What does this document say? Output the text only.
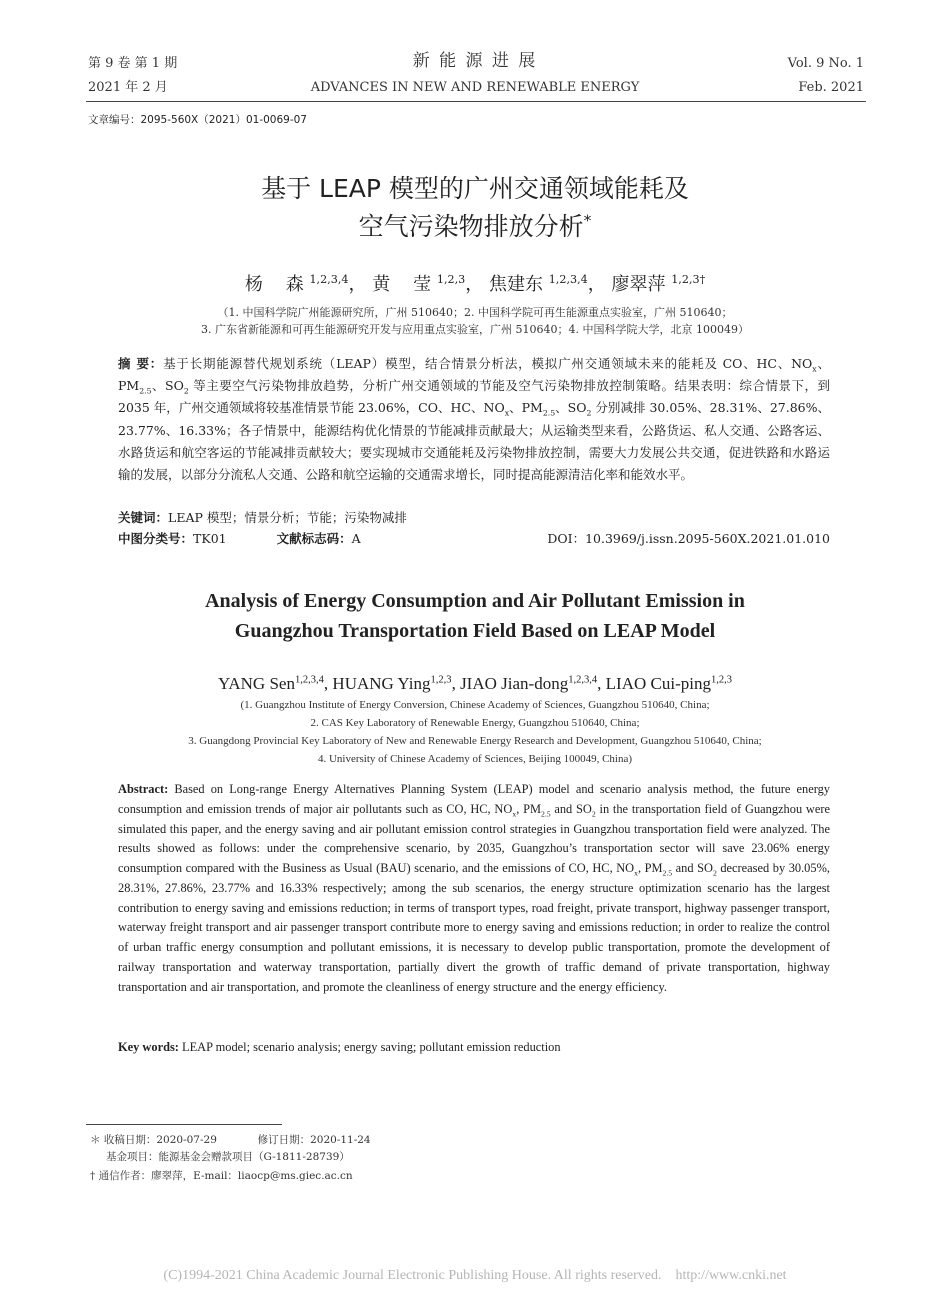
第 9 卷 第 1 期
2021 年 2 月
新 能 源 进 展
ADVANCES IN NEW AND RENEWABLE ENERGY
Vol. 9 No. 1
Feb. 2021
文章编号：2095-560X（2021）01-0069-07
基于 LEAP 模型的广州交通领域能耗及
空气污染物排放分析*
杨    森 $^{1,2,3,4}$， 黄    莹 $^{1,2,3}$， 焦建东 $^{1,2,3,4}$， 廖翠萍 $^{1,2,3\dagger}$
（1. 中国科学院广州能源研究所，广州 510640；2. 中国科学院可再生能源重点实验室，广州 510640；
3. 广东省新能源和可再生能源研究开发与应用重点实验室，广州 510640；4. 中国科学院大学，北京 100049）
摘 要：基于长期能源替代规划系统（LEAP）模型，结合情景分析法，模拟广州交通领域未来的能耗及 CO、HC、$NO_x$、$PM_{2.5}$、$SO_2$ 等主要空气污染物排放趋势，分析广州交通领域的节能及空气污染物排放控制策略。结果表明：综合情景下，到 2035 年，广州交通领域将较基准情景节能 23.06%，CO、HC、$NO_x$、$PM_{2.5}$、$SO_2$ 分别减排 30.05%、28.31%、27.86%、23.77%、16.33%；各子情景中，能源结构优化情景的节能减排贡献最大；从运输类型来看，公路货运、私人交通、公路客运、水路货运和航空客运的节能减排贡献较大；要实现城市交通能耗及污染物排放控制，需要大力发展公共交通，促进铁路和水路运输的发展，以部分分流私人交通、公路和航空运输的交通需求增长，同时提高能源清洁化率和能效水平。
关键词：LEAP 模型；情景分析；节能；污染物减排
中图分类号：TK01	文献标志码：A	DOI：10.3969/j.issn.2095-560X.2021.01.010
Analysis of Energy Consumption and Air Pollutant Emission in
Guangzhou Transportation Field Based on LEAP Model
YANG Sen$^{1,2,3,4}$, HUANG Ying$^{1,2,3}$, JIAO Jian-dong$^{1,2,3,4}$, LIAO Cui-ping$^{1,2,3}$
(1. Guangzhou Institute of Energy Conversion, Chinese Academy of Sciences, Guangzhou 510640, China;
2. CAS Key Laboratory of Renewable Energy, Guangzhou 510640, China;
3. Guangdong Provincial Key Laboratory of New and Renewable Energy Research and Development, Guangzhou 510640, China;
4. University of Chinese Academy of Sciences, Beijing 100049, China)
Abstract: Based on Long-range Energy Alternatives Planning System (LEAP) model and scenario analysis method, the future energy consumption and emission trends of major air pollutants such as CO, HC, $NO_x$, $PM_{2.5}$ and $SO_2$ in the transportation field of Guangzhou were simulated this paper, and the energy saving and air pollutant emission control strategies in Guangzhou transportation field were analyzed. The results showed as follows: under the comprehensive scenario, by 2035, Guangzhou’s transportation sector will save 23.06% energy consumption compared with the Business as Usual (BAU) scenario, and the emissions of CO, HC, $NO_x$, $PM_{2.5}$ and $SO_2$ decreased by 30.05%, 28.31%, 27.86%, 23.77% and 16.33% respectively; among the sub scenarios, the energy structure optimization scenario has the largest contribution to energy saving and emissions reduction; in terms of transport types, road freight, private transport, highway passenger transport, waterway freight transport and air passenger transport contribute more to energy saving and emissions reduction; in order to realize the control of urban traffic energy consumption and pollutant emissions, it is necessary to develop public transportation, promote the development of railway transportation and waterway transportation, partially divert the growth of traffic demand of private transportation, highway transportation and air transportation, and promote the cleanliness of energy structure and the energy efficiency.
Key words: LEAP model; scenario analysis; energy saving; pollutant emission reduction
＊ 收稿日期：2020-07-29	修订日期：2020-11-24
基金项目：能源基金会赠款项目（G-1811-28739）
† 通信作者：廖翠萍，E-mail：liaocp@ms.giec.ac.cn
(C)1994-2021 China Academic Journal Electronic Publishing House. All rights reserved.    http://www.cnki.net
